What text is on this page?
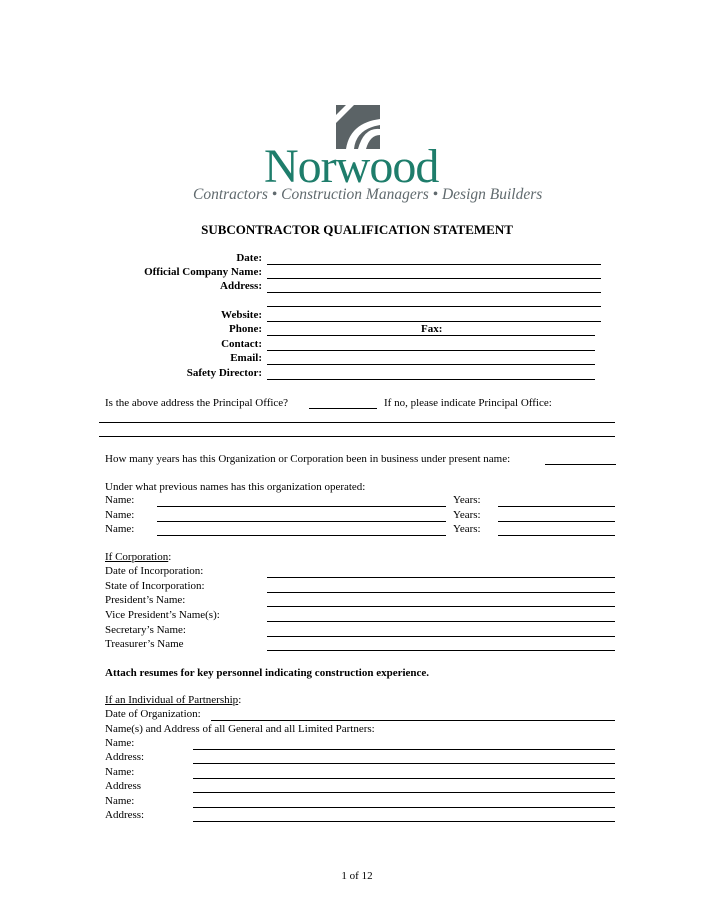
Norwood
Contractors • Construction Managers • Design Builders
SUBCONTRACTOR QUALIFICATION STATEMENT
Date:
Official Company Name:
Address:
Website:
Phone:	Fax:
Contact:
Email:
Safety Director:
Is the above address the Principal Office?	If no, please indicate Principal Office:
How many years has this Organization or Corporation been in business under present name:
Under what previous names has this organization operated:
Name:	Years:
Name:	Years:
Name:	Years:
If Corporation:
Date of Incorporation:
State of Incorporation:
President’s Name:
Vice President’s Name(s):
Secretary’s Name:
Treasurer’s Name
Attach resumes for key personnel indicating construction experience.
If an Individual of Partnership:
Date of Organization:
Name(s) and Address of all General and all Limited Partners:
Name:
Address:
Name:
Address
Name:
Address:
1 of 12
